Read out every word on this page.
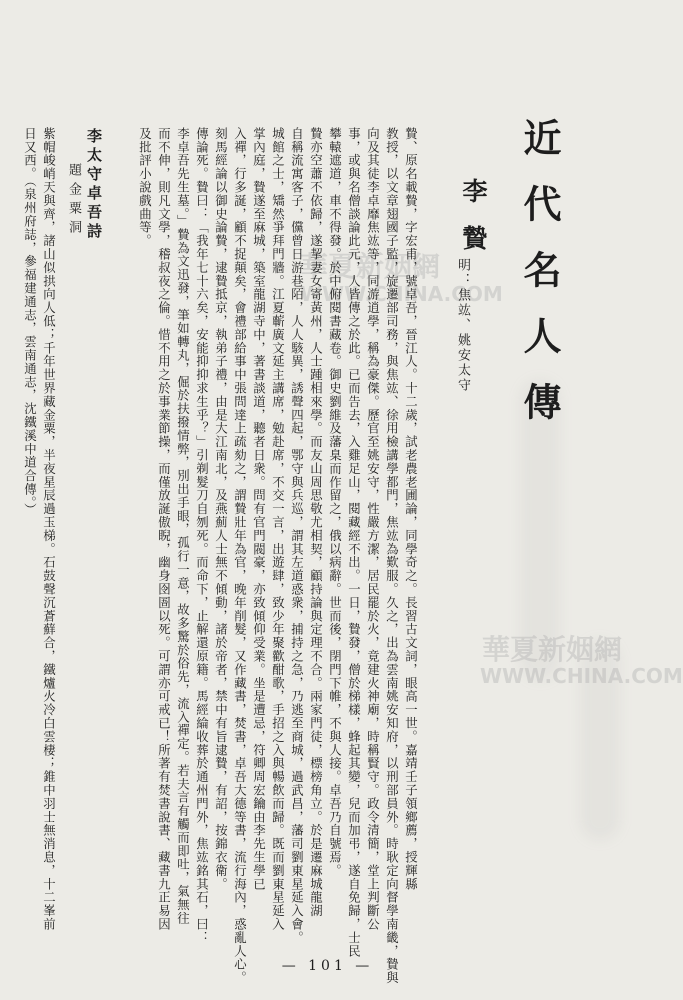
華夏新姻網
WWW.CHINA.COM
華夏新姻網
WWW.CHINA.COM
近代名人傳
李贄
明：焦竑、姚安太守
贄、原名載贄，字宏甫，號卓吾，晉江人。十二歲，試老農老圃論，同學奇之。長習古文詞，眼高一世。嘉靖壬子領鄉薦，授輝縣
教授，以文章翅國子監，旋遷部司務，與焦竑、徐用檢講學都門，焦竑為歎服。久之，出為雲南姚安知府，以刑部員外。時耿定向督學南畿，贄與
向及其徒李卓靡焦竑等，同游逍學，稱為豪傑。歷官至姚安守，性嚴方潔，居民罷於火，竟建火神廟，時稱賢守。政令清簡，堂上判斷公
事，或與名僧談論此元，人皆傳之於此。已而告去，入雞足山，閱藏經不出。一日，贄發，僧於梯樣，蜂起其變，兒而加弔，遂自免歸，士民
攀轅遮道，車不得發。於中俯閱書藏卷。御史劉維及藩臬而作留之，俄以病辭。世而後，閉門下帷，不與人接。卓吾乃自號焉。
贄亦空蕭不依歸，遂挈妻女寄黃州，人士踵相來學。而友山周思敬尤相契，顧持論與定理不合。兩家門徒，標榜角立。於是遷麻城龍湖
自稱流寓客子，儻曾日游巷陌，人人駭異，誘聲四起，鄂守與兵巡，謂其左道惑衆，捕持之急，乃逃至商城，過武昌，藩司劉東星延入會。
城館之士，矯然爭拜門牆。江夏蘄廣文延主講席，勉赴席，不交一言，出遊肆，致少年聚歡酣歌，手招之入與暢飲而歸。既而劉東星延入
掌內庭，贄遂至麻城，築室龍湖寺中，著書談道，聽者日衆。問有官門閥豪，亦致傾仰受業。坐是遭忌，符卿周宏鑰由李先生學已
入禪，行多誕，顧不捉顛矣，會禮部給事中張問達上疏劾之，謂贄壯年為官，晚年削髮，又作藏書，焚書，卓吾大德等書，流行海內，惑亂人心。
刻馬經論以御史論贄，逮贄抵京，執弟子禮，由是大江南北，及燕薊人士無不傾動，諸於帝者，禁中有旨逮贄，有詔，按錦衣衛。
傳論死。贄曰：「我年七十六矣，安能抑抑求生乎？」引剃髮刀自刎死。而命下，止解還原籍。馬經綸收葬於通州門外，焦竑銘其石，曰：
李卓吾先生墓。」贄為文迅發，筆如轉丸，倔於扶撥情弊，別出手眼，孤行一意，故多驚於俗先，流入禪定。若夫言有觸而即吐，氣無往
而不伸，則凡文學，稽叔夜之倫。惜不用之於事業節操，而僅放誕傲睨，幽身囹圄以死。可謂亦可戒已！所著有焚書說書、藏書九正易因
及批評小說戲曲等。
李太守卓吾詩
題金粟洞
紫帽峻峭天與齊，諸山似拱向人低；千年世界藏金粟，半夜星辰過玉梯。石鼓聲沉蒼蘚合，鐵爐火冷白雲棲；錐中羽士無消息，十二峯前
日又西。（泉州府誌，參福建通志，雲南通志，沈鐵溪中道合傳。）
— 101 —
